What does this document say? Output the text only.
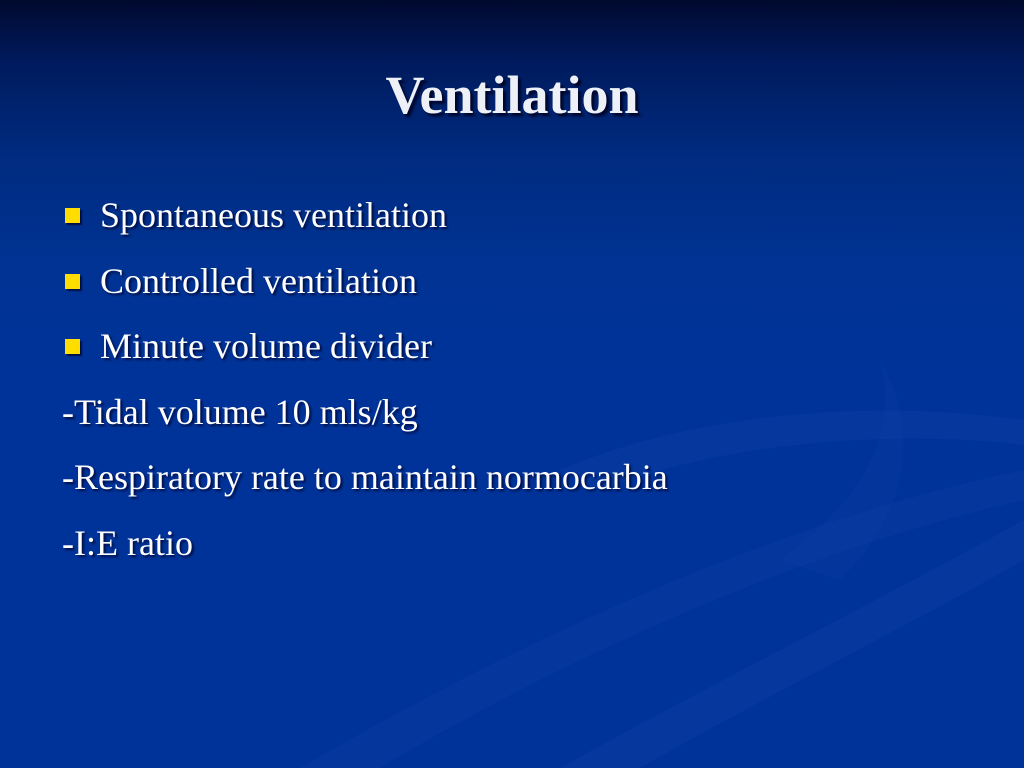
Ventilation
Spontaneous ventilation
Controlled ventilation
Minute volume divider
-Tidal volume 10 mls/kg
-Respiratory rate to maintain normocarbia
-I:E ratio
